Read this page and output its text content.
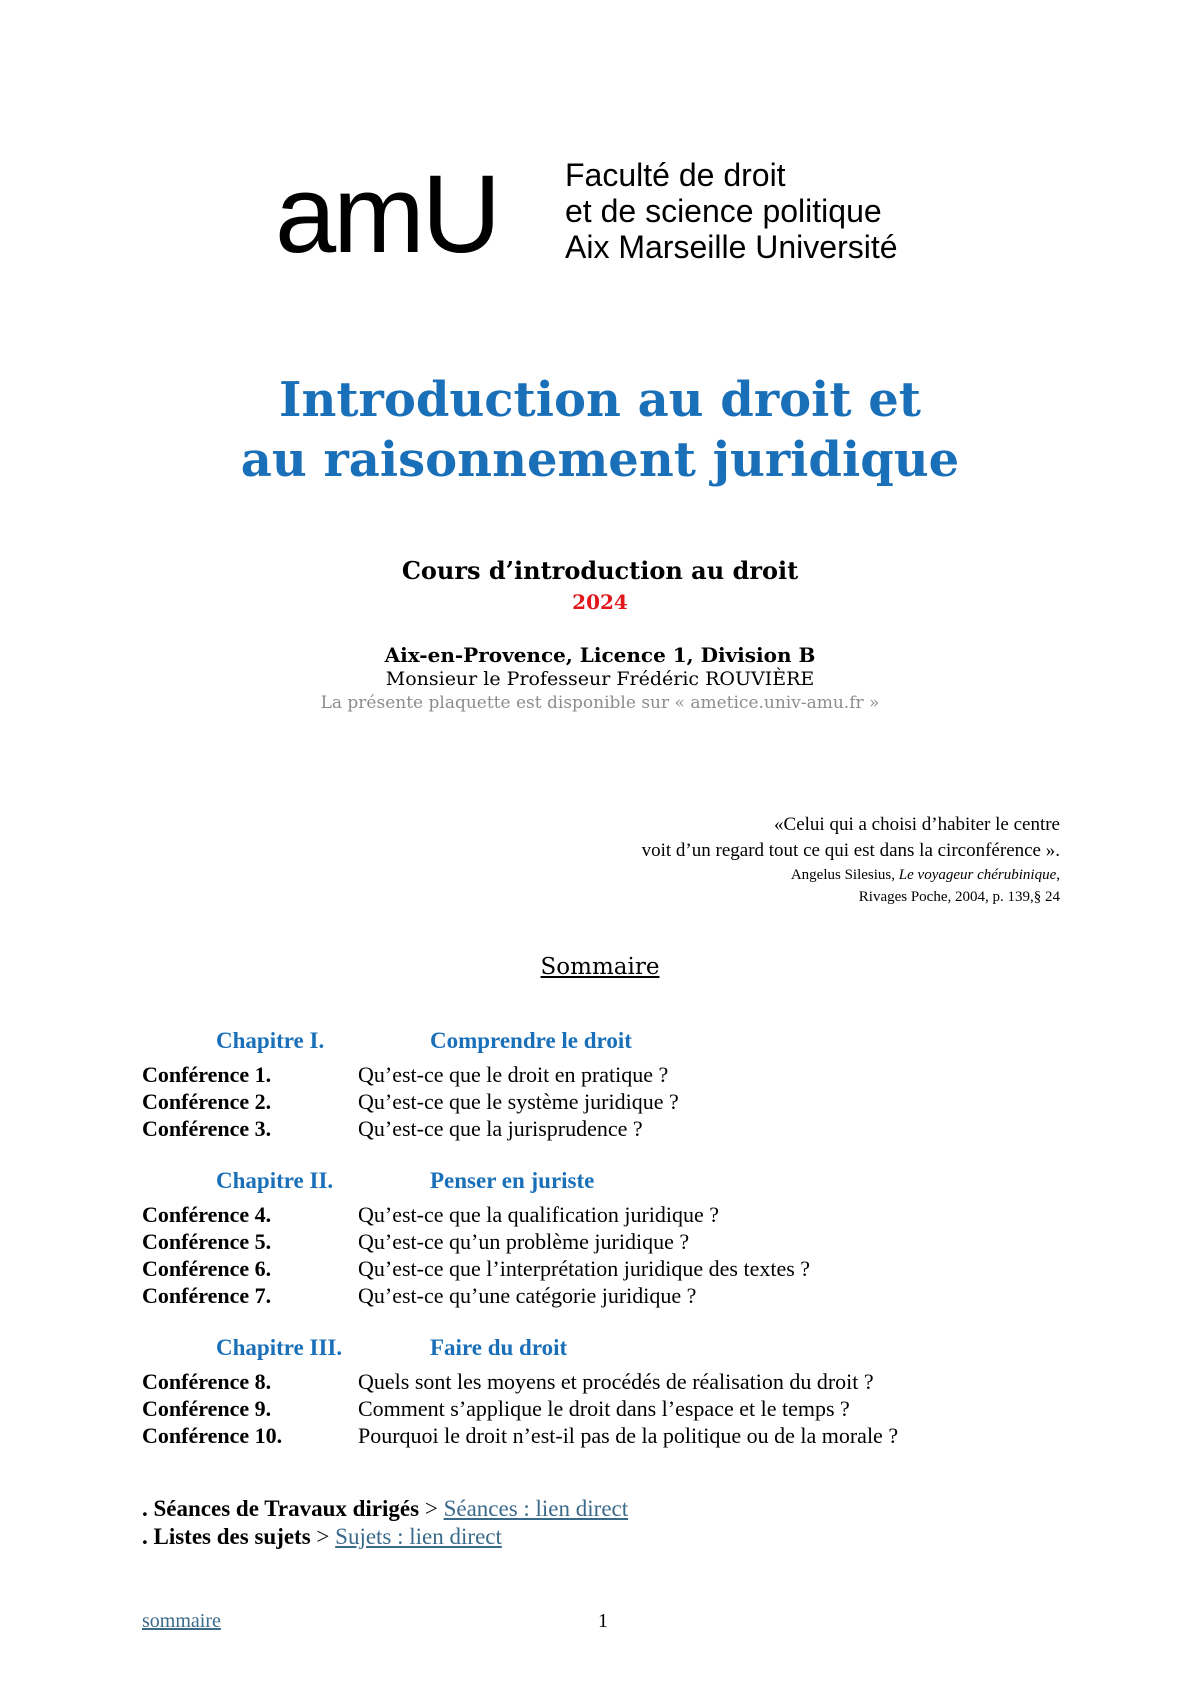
amU Faculté de droit
et de science politique
Aix Marseille Université
Introduction au droit et
au raisonnement juridique
Cours d’introduction au droit
2024
Aix-en-Provence, Licence 1, Division B
Monsieur le Professeur Frédéric ROUVIÈRE
La présente plaquette est disponible sur « ametice.univ-amu.fr »
«Celui qui a choisi d’habiter le centre
voit d’un regard tout ce qui est dans la circonférence ».
Angelus Silesius, Le voyageur chérubinique,
Rivages Poche, 2004, p. 139,§ 24
Sommaire
Chapitre I.	Comprendre le droit
Conférence 1.	Qu’est-ce que le droit en pratique ?
Conférence 2.	Qu’est-ce que le système juridique ?
Conférence 3.	Qu’est-ce que la jurisprudence ?
Chapitre II.	Penser en juriste
Conférence 4.	Qu’est-ce que la qualification juridique ?
Conférence 5.	Qu’est-ce qu’un problème juridique ?
Conférence 6.	Qu’est-ce que l’interprétation juridique des textes ?
Conférence 7.	Qu’est-ce qu’une catégorie juridique ?
Chapitre III.	Faire du droit
Conférence 8.	Quels sont les moyens et procédés de réalisation du droit ?
Conférence 9.	Comment s’applique le droit dans l’espace et le temps ?
Conférence 10.	Pourquoi le droit n’est-il pas de la politique ou de la morale ?
. Séances de Travaux dirigés > Séances : lien direct
. Listes des sujets > Sujets : lien direct
sommaire	1
